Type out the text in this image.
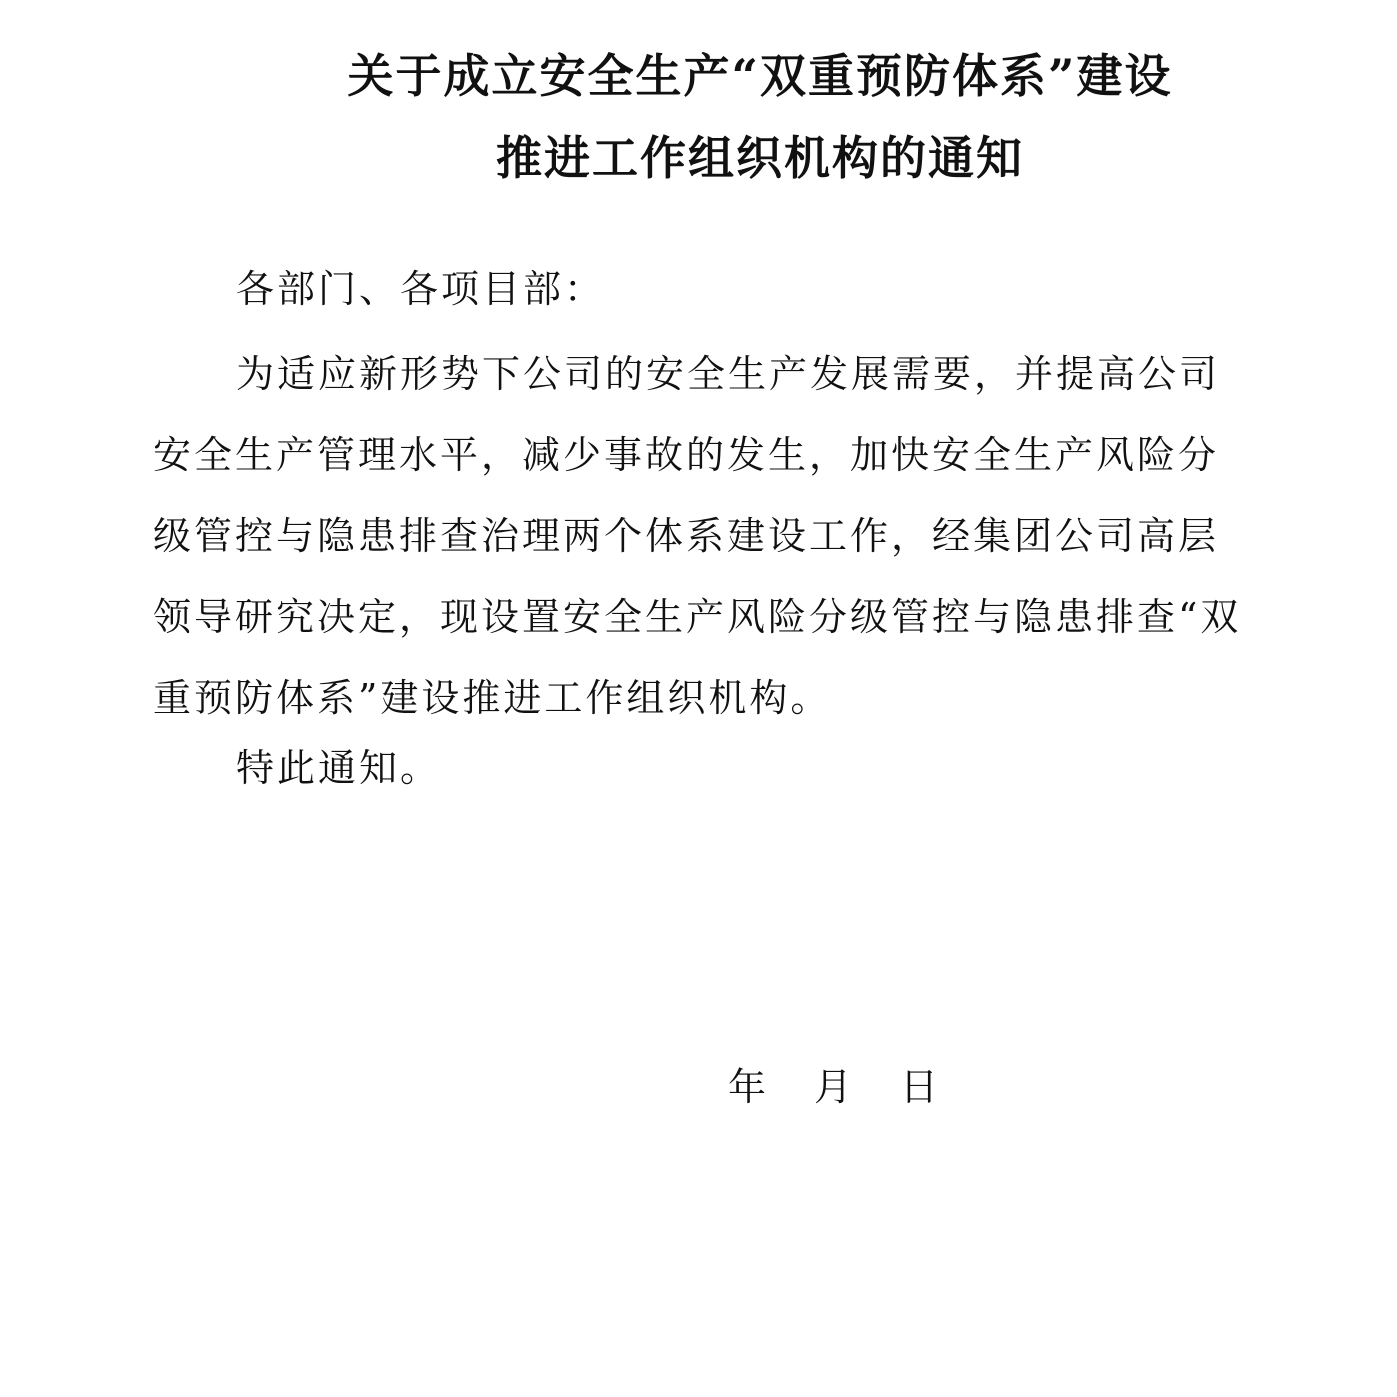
关于成立安全生产“双重预防体系”建设
推进工作组织机构的通知
各部门、各项目部：
为适应新形势下公司的安全生产发展需要，并提高公司
安全生产管理水平，减少事故的发生，加快安全生产风险分
级管控与隐患排查治理两个体系建设工作，经集团公司高层
领导研究决定，现设置安全生产风险分级管控与隐患排查“双
重预防体系”建设推进工作组织机构。
特此通知。
年 月 日
